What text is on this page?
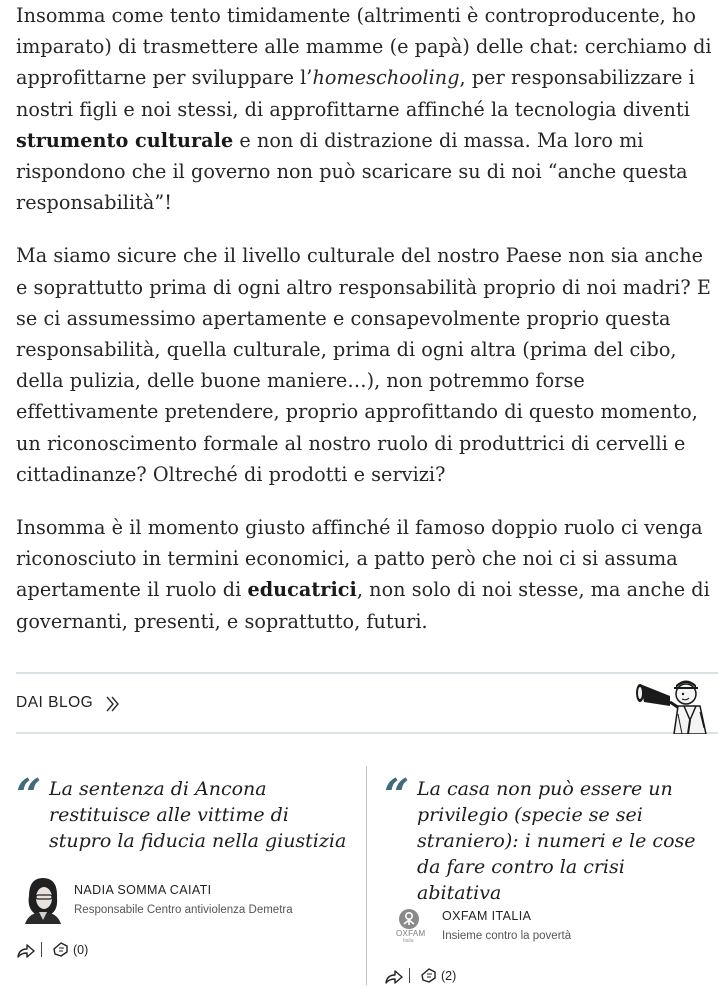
Insomma come tento timidamente (altrimenti è controproducente, ho imparato) di trasmettere alle mamme (e papà) delle chat: cerchiamo di approfittarne per sviluppare l’homeschooling, per responsabilizzare i nostri figli e noi stessi, di approfittarne affinché la tecnologia diventi strumento culturale e non di distrazione di massa. Ma loro mi rispondono che il governo non può scaricare su di noi “anche questa responsabilità”!

Ma siamo sicure che il livello culturale del nostro Paese non sia anche e soprattutto prima di ogni altro responsabilità proprio di noi madri? E se ci assumessimo apertamente e consapevolmente proprio questa responsabilità, quella culturale, prima di ogni altra (prima del cibo, della pulizia, delle buone maniere…), non potremmo forse effettivamente pretendere, proprio approfittando di questo momento, un riconoscimento formale al nostro ruolo di produttrici di cervelli e cittadinanze? Oltreché di prodotti e servizi?

Insomma è il momento giusto affinché il famoso doppio ruolo ci venga riconosciuto in termini economici, a patto però che noi ci si assuma apertamente il ruolo di educatrici, non solo di noi stesse, ma anche di governanti, presenti, e soprattutto, futuri.

DAI BLOG
“ La sentenza di Ancona restituisce alle vittime di stupro la fiducia nella giustizia

NADIA SOMMA CAIATI
Responsabile Centro antiviolenza Demetra
(0)
“ La casa non può essere un privilegio (specie se sei straniero): i numeri e le cose da fare contro la crisi abitativa

OXFAM
Italia
OXFAM ITALIA
Insieme contro la povertà
(2)
